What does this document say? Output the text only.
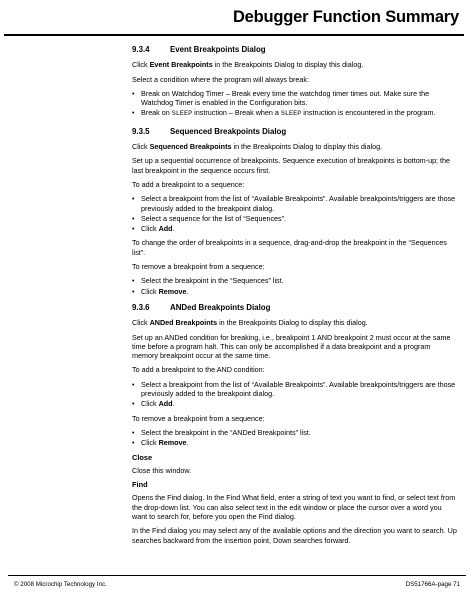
Debugger Function Summary
9.3.4	Event Breakpoints Dialog

Click Event Breakpoints in the Breakpoints Dialog to display this dialog.

Select a condition where the program will always break:

• Break on Watchdog Timer – Break every time the watchdog timer times out. Make sure the Watchdog Timer is enabled in the Configuration bits.
• Break on SLEEP instruction – Break when a SLEEP instruction is encountered in the program.
9.3.5	Sequenced Breakpoints Dialog

Click Sequenced Breakpoints in the Breakpoints Dialog to display this dialog.

Set up a sequential occurrence of breakpoints. Sequence execution of breakpoints is bottom-up; the last breakpoint in the sequence occurs first.

To add a breakpoint to a sequence:

• Select a breakpoint from the list of “Available Breakpoints”. Available breakpoints/triggers are those previously added to the breakpoint dialog.
• Select a sequence for the list of “Sequences”.
• Click Add.

To change the order of breakpoints in a sequence, drag-and-drop the breakpoint in the “Sequences list”.

To remove a breakpoint from a sequence:

• Select the breakpoint in the “Sequences” list.
• Click Remove.
9.3.6	ANDed Breakpoints Dialog

Click ANDed Breakpoints in the Breakpoints Dialog to display this dialog.

Set up an ANDed condition for breaking, i.e., breakpoint 1 AND breakpoint 2 must occur at the same time before a program halt. This can only be accomplished if a data breakpoint and a program memory breakpoint occur at the same time.

To add a breakpoint to the AND condition:

• Select a breakpoint from the list of “Available Breakpoints”. Available breakpoints/triggers are those previously added to the breakpoint dialog.
• Click Add.

To remove a breakpoint from a sequence:

• Select the breakpoint in the “ANDed Breakpoints” list.
• Click Remove.
Close

Close this window.

Find

Opens the Find dialog. In the Find What field, enter a string of text you want to find, or select text from the drop-down list. You can also select text in the edit window or place the cursor over a word you want to search for, before you open the Find dialog.

In the Find dialog you may select any of the available options and the direction you want to search. Up searches backward from the insertion point, Down searches forward.

© 2008 Microchip Technology Inc.	DS51766A-page 71
